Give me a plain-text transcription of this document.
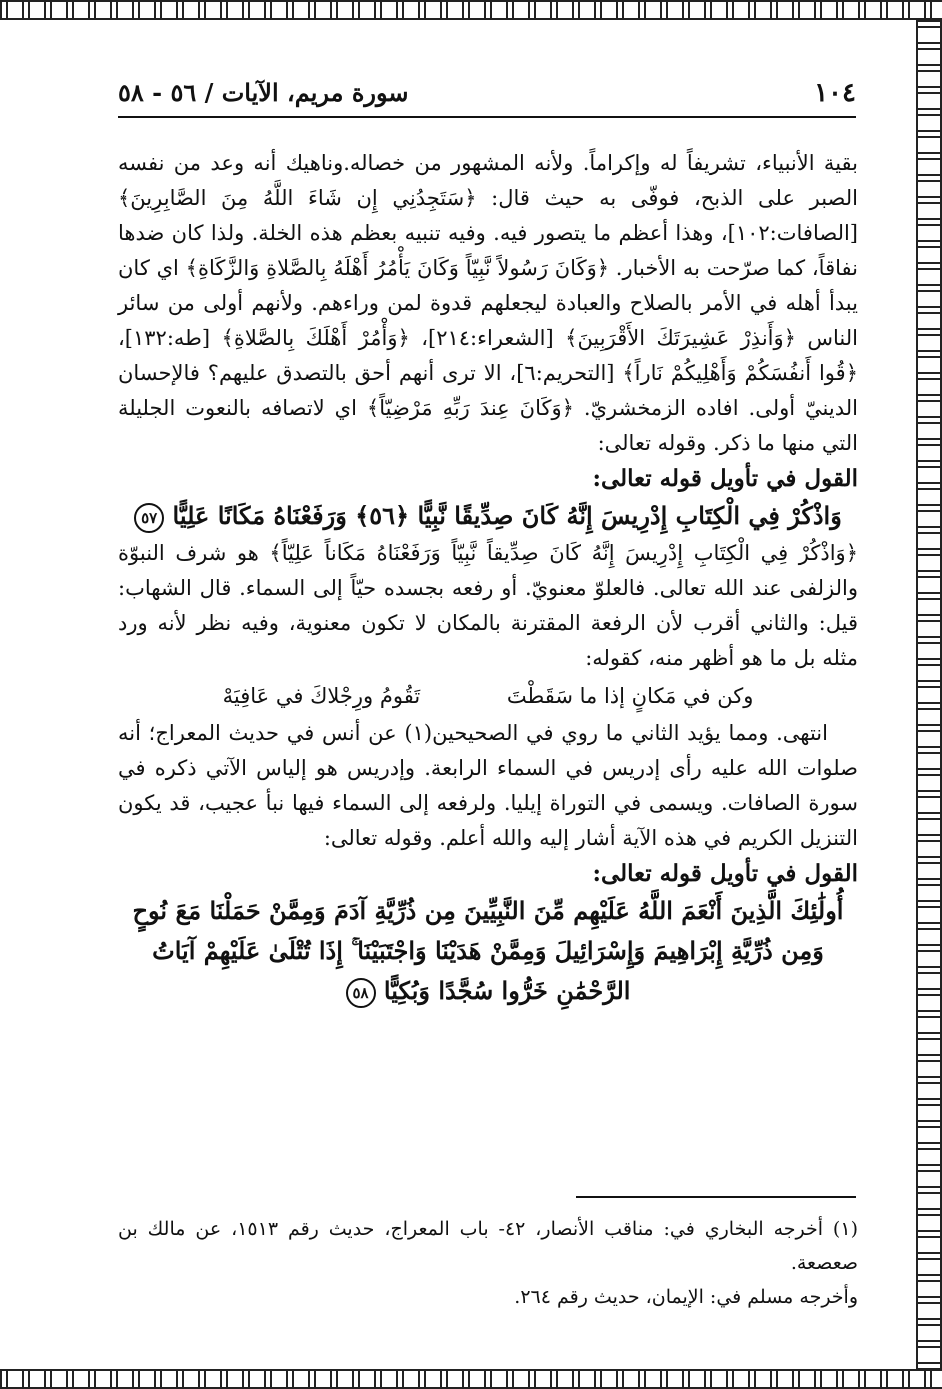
١٠٤
سورة مريم، الآيات / ٥٦ - ٥٨

بقية الأنبياء، تشريفاً له وإكراماً. ولأنه المشهور من خصاله.وناهيك أنه وعد من نفسه الصبر على الذبح، فوفّى به حيث قال: ﴿سَتَجِدُنِي إِن شَاءَ اللَّهُ مِنَ الصَّابِرِينَ﴾ [الصافات:١٠٢]، وهذا أعظم ما يتصور فيه. وفيه تنبيه بعظم هذه الخلة. ولذا كان ضدها نفاقاً، كما صرّحت به الأخبار. ﴿وَكَانَ رَسُولاً نَّبِيّاً وَكَانَ يَأْمُرُ أَهْلَهُ بِالصَّلاةِ وَالزَّكَاةِ﴾ اي كان يبدأ أهله في الأمر بالصلاح والعبادة ليجعلهم قدوة لمن وراءهم. ولأنهم أولى من سائر الناس ﴿وَأَنذِرْ عَشِيرَتَكَ الأَقْرَبِينَ﴾ [الشعراء:٢١٤]، ﴿وَأْمُرْ أَهْلَكَ بِالصَّلاةِ﴾ [طه:١٣٢]، ﴿قُوا أَنفُسَكُمْ وَأَهْلِيكُمْ نَاراً﴾ [التحريم:٦]، الا ترى أنهم أحق بالتصدق عليهم؟ فالإحسان الدينيّ أولى. افاده الزمخشريّ. ﴿وَكَانَ عِندَ رَبِّهِ مَرْضِيّاً﴾ اي لاتصافه بالنعوت الجليلة التي منها ما ذكر. وقوله تعالى:

القول في تأويل قوله تعالى:

وَاذْكُرْ فِي الْكِتَابِ إِدْرِيسَ إِنَّهُ كَانَ صِدِّيقًا نَّبِيًّا ﴿٥٦﴾ وَرَفَعْنَاهُ مَكَانًا عَلِيًّا ٥٧

﴿وَاذْكُرْ فِي الْكِتَابِ إِدْرِيسَ إِنَّهُ كَانَ صِدِّيقاً نَّبِيّاً وَرَفَعْنَاهُ مَكَاناً عَلِيّاً﴾ هو شرف النبوّة والزلفى عند الله تعالى. فالعلوّ معنويّ. أو رفعه بجسده حيّاً إلى السماء. قال الشهاب: قيل: والثاني أقرب لأن الرفعة المقترنة بالمكان لا تكون معنوية، وفيه نظر لأنه ورد مثله بل ما هو أظهر منه، كقوله:

وكن في مَكانٍ إذا ما سَقَطْتَ تَقُومُ ورِجْلاكَ في عَافِيَهْ

انتهى. ومما يؤيد الثاني ما روي في الصحيحين(١) عن أنس في حديث المعراج؛ أنه صلوات الله عليه رأى إدريس في السماء الرابعة. وإدريس هو إلياس الآتي ذكره في سورة الصافات. ويسمى في التوراة إيليا. ولرفعه إلى السماء فيها نبأ عجيب، قد يكون التنزيل الكريم في هذه الآية أشار إليه والله أعلم. وقوله تعالى:

القول في تأويل قوله تعالى:

أُولَٰئِكَ الَّذِينَ أَنْعَمَ اللَّهُ عَلَيْهِم مِّنَ النَّبِيِّينَ مِن ذُرِّيَّةِ آدَمَ وَمِمَّنْ حَمَلْنَا مَعَ نُوحٍ وَمِن ذُرِّيَّةِ إِبْرَاهِيمَ وَإِسْرَائِيلَ وَمِمَّنْ هَدَيْنَا وَاجْتَبَيْنَا ۚ إِذَا تُتْلَىٰ عَلَيْهِمْ آيَاتُ الرَّحْمَٰنِ خَرُّوا سُجَّدًا وَبُكِيًّا ٥٨

(١) أخرجه البخاري في: مناقب الأنصار، ٤٢- باب المعراج، حديث رقم ١٥١٣، عن مالك بن صعصعة.

وأخرجه مسلم في: الإيمان، حديث رقم ٢٦٤.
